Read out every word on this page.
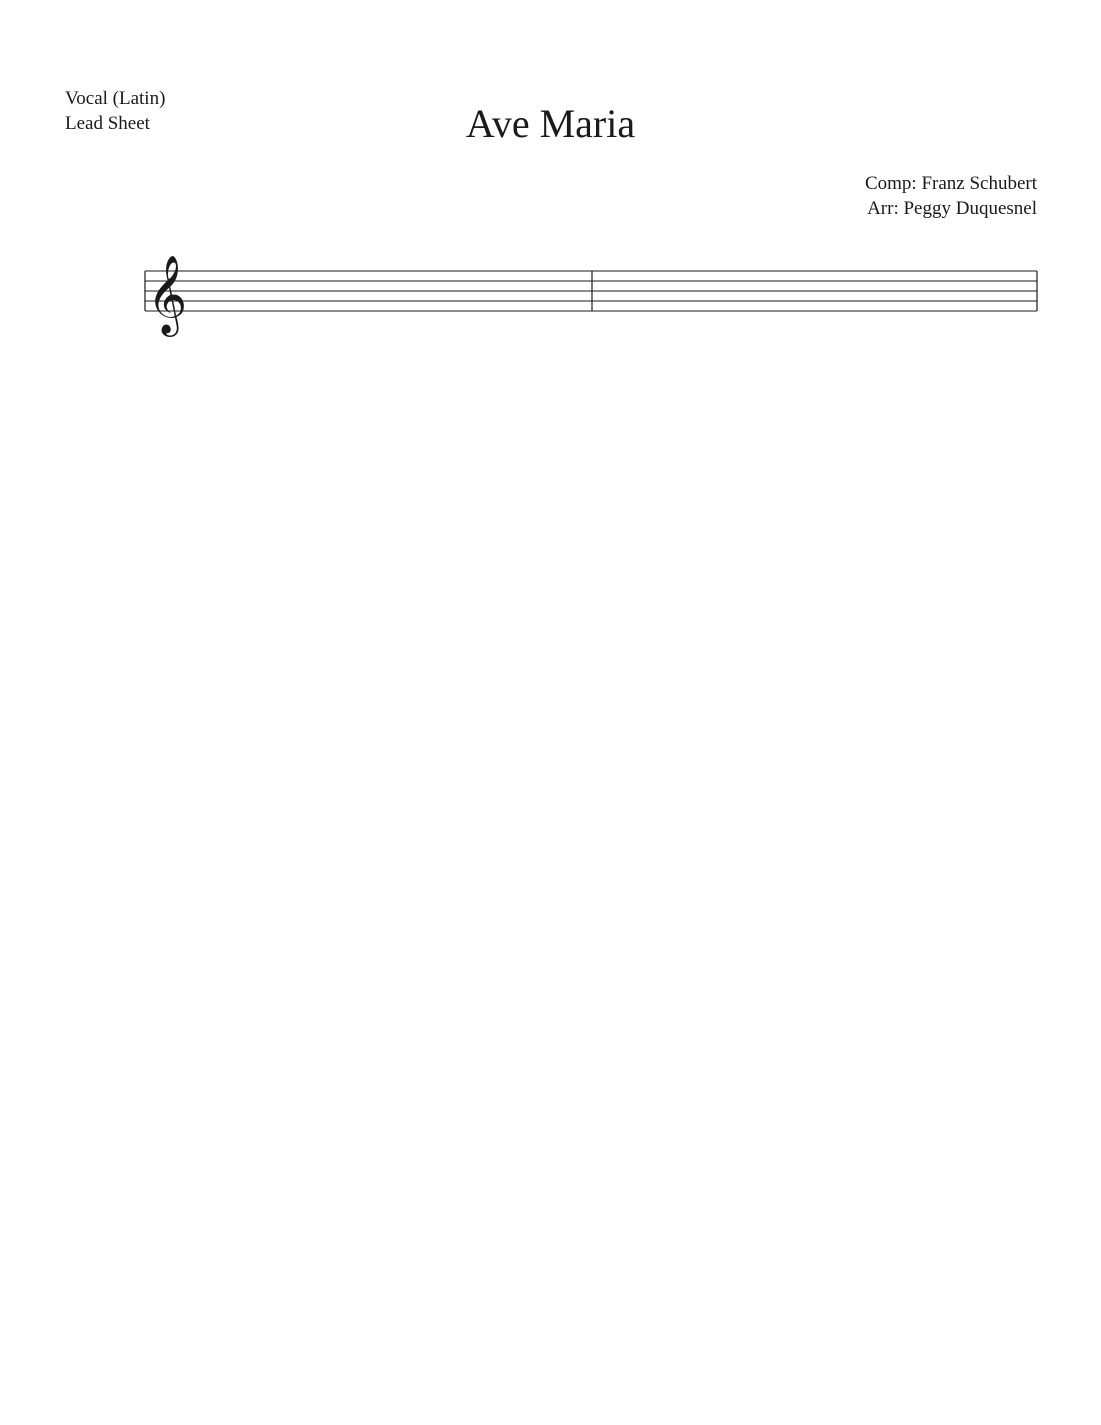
Vocal (Latin)
Lead Sheet	Ave Maria
Comp: Franz Schubert
Arr: Peggy Duquesnel
𝄞
